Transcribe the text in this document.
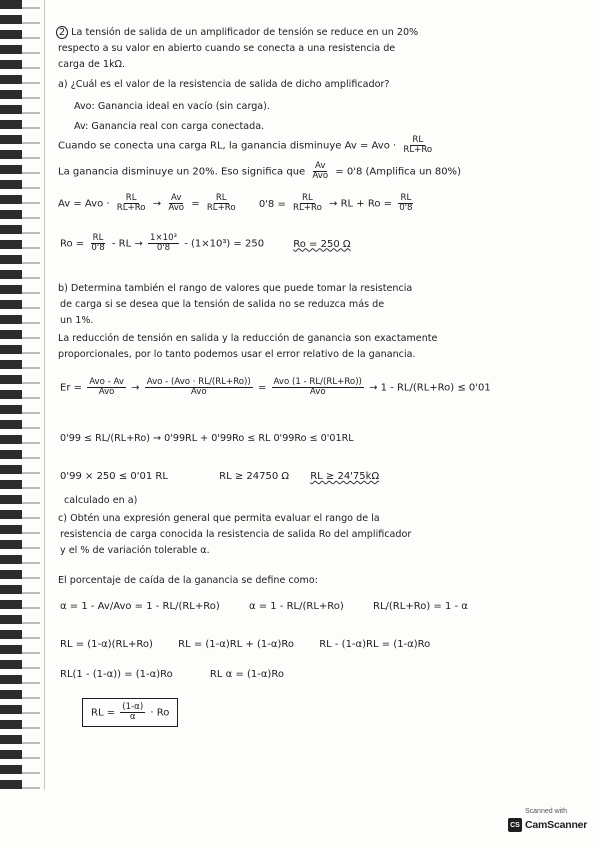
2 La tensión de salida de un amplificador de tensión se reduce en un 20%
respecto a su valor en abierto cuando se conecta a una resistencia de
carga de 1kΩ.
a) ¿Cuál es el valor de la resistencia de salida de dicho amplificador?
Avo: Ganancia ideal en vacío (sin carga).
Av: Ganancia real con carga conectada.
Cuando se conecta una carga RL, la ganancia disminuye Av = Avo · $\frac{RL}{RL+Ro}$
La ganancia disminuye un 20%. Eso significa que $\frac{Av}{\text{Avo}} = 0'8$ (Amplifica un 80%)
Av = Avo · $\frac{RL}{RL+Ro} \to \frac{Av}{\text{Avo}} = \frac{RL}{RL+Ro} 0'8 = \frac{RL}{RL+Ro}$ → RL + $Ro = \frac{RL}{0'8}$
$Ro = \frac{RL}{0'8}$ - RL → $\frac{\text{1×10³}}{0'8} - (1\times 10^3) = 250$	Ro = 250 Ω
b) Determina también el rango de valores que puede tomar la resistencia
de carga si se desea que la tensión de salida no se reduzca más de
un 1%.
La reducción de tensión en salida y la reducción de ganancia son exactamente
proporcionales, por lo tanto podemos usar el error relativo de la ganancia.
$Er = \frac{\text{Avo - Av}}{\text{Avo}} \to \frac{\text{Avo - (Avo · RL/(RL+Ro))}}{\text{Avo}} = \frac{\text{Avo (1 - RL/(RL+Ro))}}{\text{Avo}} \to 1 - RL/(RL+Ro) \le 0'01$
0'99 ≤ RL/(RL+Ro) → 0'99RL + 0'99Ro ≤ RL 0'99Ro ≤ 0'01RL
0'99 × 250 ≤ 0'01 RL	RL ≥ 24750 Ω RL ≥ 24'75kΩ
calculado en a)
c) Obtén una expresión general que permita evaluar el rango de la
resistencia de carga conocida la resistencia de salida Ro del amplificador
y el % de variación tolerable α.
El porcentaje de caída de la ganancia se define como:
α = 1 - Av/Avo = 1 - RL/(RL+Ro)	α = 1 - RL/(RL+Ro)	RL/(RL+Ro) = 1 - α
RL = (1-α)(RL+Ro)	RL = (1-α)RL + (1-α)Ro	RL - (1-α)RL = (1-α)Ro
RL(1 - (1-α)) = (1-α)Ro	RL α = (1-α)Ro
RL = $\frac{(1-\alpha)}{\alpha} \cdot Ro$
Scanned with
CS CamScanner
